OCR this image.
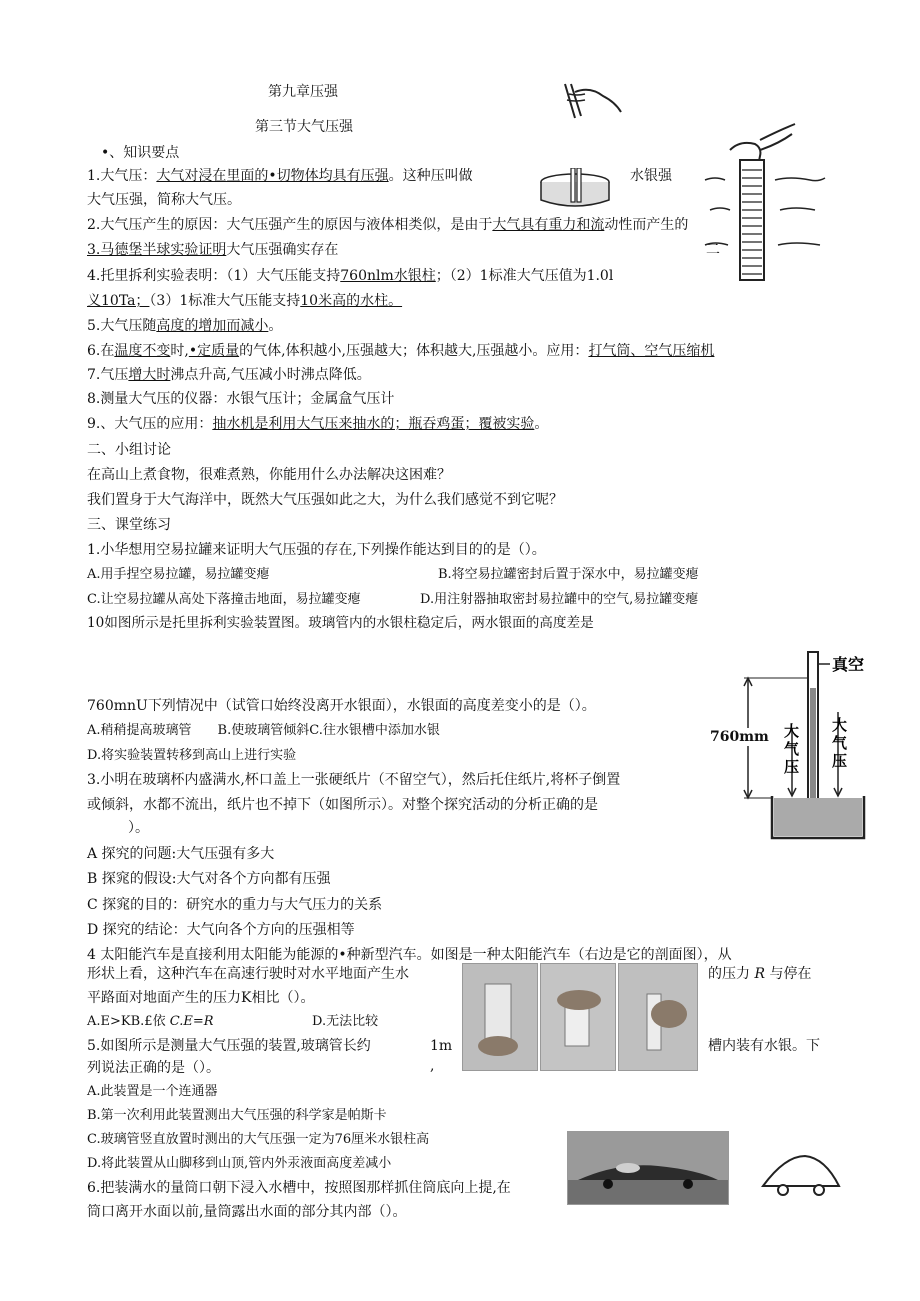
第九章压强
第三节大气压强
•、知识要点
1.大气压：大气对浸在里面的•切物体均具有压强。这种压叫做	水银强
大气压强，简称大气压。
2.大气压产生的原因：大气压强产生的原因与液体相类似，是由于大气具有重力和流动性而产生的
3.马德堡半球实验证明大气压强确实存在	二
4.托里拆利实验表明：（1）大气压能支持760nlm水银柱；（2）1标准大气压值为1.0l
义10Ta；（3）1标准大气压能支持10米高的水柱。
5.大气压随高度的增加而减小。
6.在温度不变时,•定质量的气体,体积越小,压强越大；体积越大,压强越小。应用：打气筒、空气压缩机
7.气压增大时沸点升高,气压减小时沸点降低。
8.测量大气压的仪器：水银气压计；金属盒气压计
9.、大气压的应用：抽水机是利用大气压来抽水的；瓶吞鸡蛋；覆被实验。
二、小组讨论
在高山上煮食物，很难煮熟，你能用什么办法解决这困难？
我们置身于大气海洋中，既然大气压强如此之大，为什么我们感觉不到它呢？
三、课堂练习
1.小华想用空易拉罐来证明大气压强的存在,下列操作能达到目的的是（）。
A.用手捏空易拉罐，易拉罐变瘪	B.将空易拉罐密封后置于深水中，易拉罐变瘪
C.让空易拉罐从高处下落撞击地面，易拉罐变瘪	D.用注射器抽取密封易拉罐中的空气,易拉罐变瘪
10如图所示是托里拆利实验装置图。玻璃管内的水银柱稳定后，两水银面的高度差是
760mnU下列情况中（试管口始终没离开水银面），水银面的高度差变小的是（）。
A.稍稍提高玻璃管　　B.使玻璃管倾斜C.往水银槽中添加水银
D.将实验装置转移到高山上进行实验
3.小明在玻璃杯内盛满水,杯口盖上一张硬纸片（不留空气），然后托住纸片,将杯子倒置
或倾斜，水都不流出，纸片也不掉下（如图所示）。对整个探究活动的分析正确的是
）。
A 探究的问题:大气压强有多大
B 探窕的假设:大气对各个方向都有压强
C 探窕的目的：研究水的重力与大气压力的关系
D 探究的结论：大气向各个方向的压强相等
4 太阳能汽车是直接利用太阳能为能源的•种新型汽车。如图是一种太阳能汽车（右边是它的剖面图），从
形状上看，这种汽车在高速行驶时对水平地面产生水	的压力 R 与停在
平路面对地面产生的压力K相比（）。
A.E>KB.£依 C.E=R	D.无法比较
5.如图所示是测量大气压强的装置,玻璃管长约	1m	槽内装有水银。下
列说法正确的是（）。	,
A.此装置是一个连通器
B.第一次利用此装置测出大气压强的科学家是帕斯卡
C.玻璃管竖直放置时测出的大气压强一定为76厘米水银柱高
D.将此装置从山脚移到山顶,管内外汞液面高度差减小
6.把装满水的量筒口朝下浸入水槽中，按照图那样抓住筒底向上提,在
筒口离开水面以前,量筒露出水面的部分其内部（）。
真空
大
气
压
大
气
压
760mm
